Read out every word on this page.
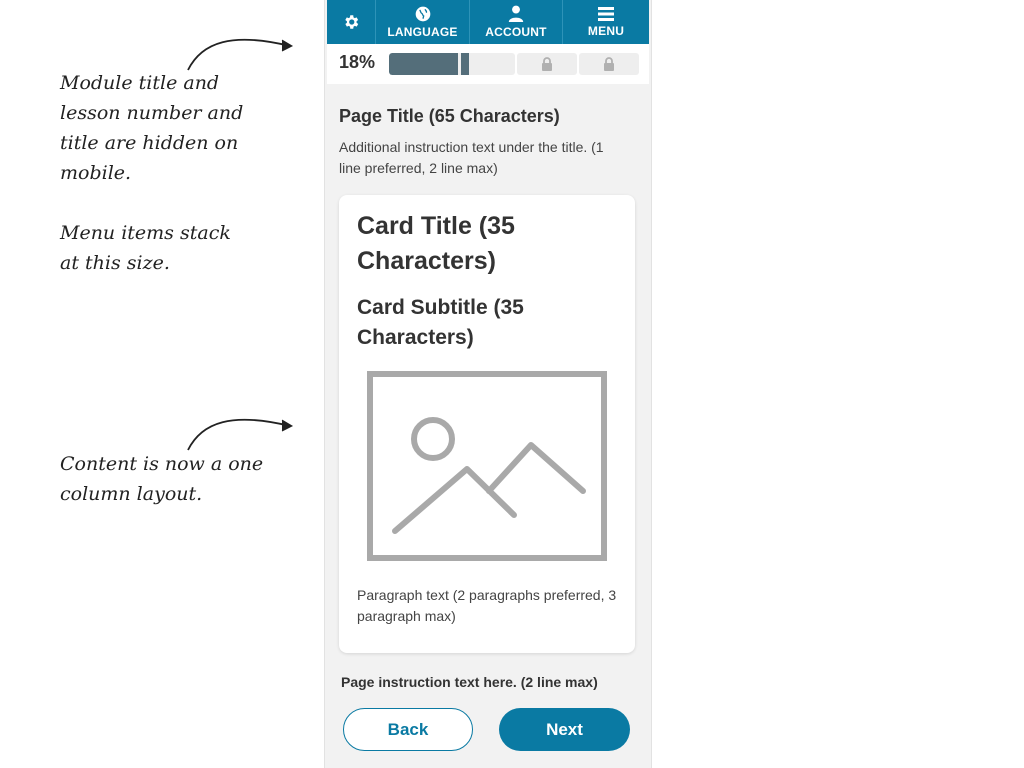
Module title and
lesson number and
title are hidden on
mobile.
Menu items stack
at this size.
Content is now a one
column layout.
LANGUAGE ACCOUNT	MENU
18%
Page Title (65 Characters)
Additional instruction text under the title. (1 line preferred, 2 line max)
Card Title (35 Characters)
Card Subtitle (35 Characters)
Paragraph text (2 paragraphs preferred, 3 paragraph max)
Page instruction text here. (2 line max)
Back	Next
